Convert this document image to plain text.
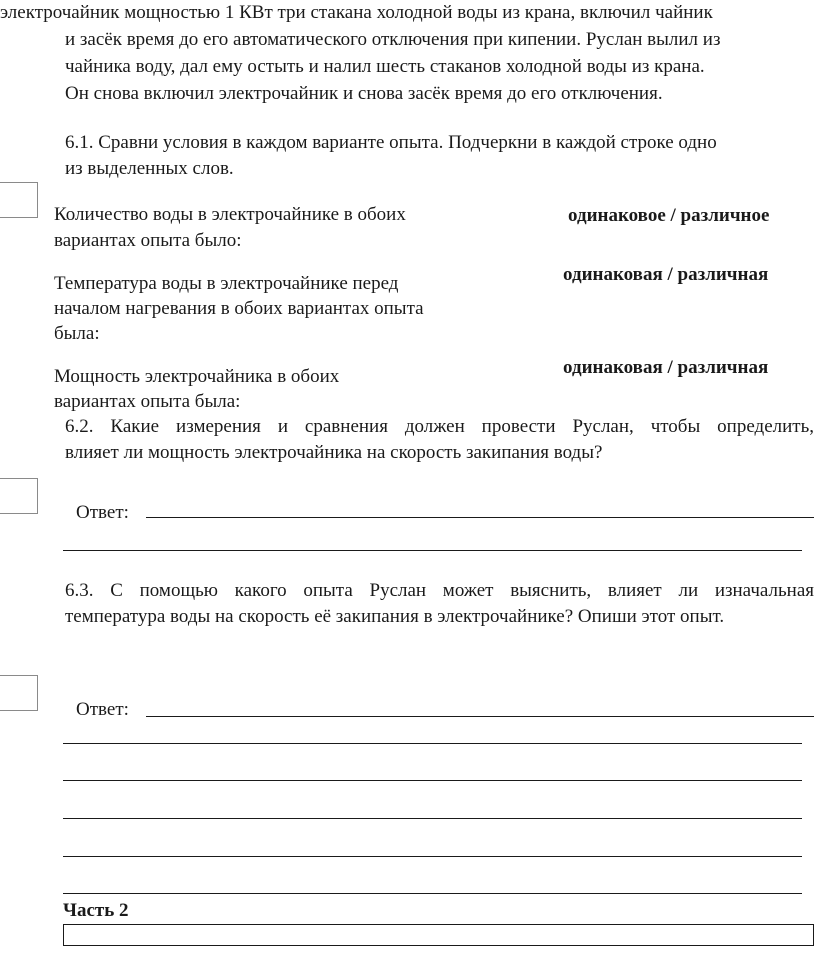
электрочайник мощностью 1 КВт три стакана холодной воды из крана, включил чайник
и засёк время до его автоматического отключения при кипении. Руслан вылил из
чайника воду, дал ему остыть и налил шесть стаканов холодной воды из крана.
Он снова включил электрочайник и снова засёк время до его отключения.
6.1. Сравни условия в каждом варианте опыта. Подчеркни в каждой строке одно
из выделенных слов.
Количество воды в электрочайнике в обоих
вариантах опыта было:
одинаковое / различное
Температура воды в электрочайнике перед
началом нагревания в обоих вариантах опыта
была:
одинаковая / различная
Мощность электрочайника в обоих
вариантах опыта была:
одинаковая / различная
6.2. Какие измерения и сравнения должен провести Руслан, чтобы определить,
влияет ли мощность электрочайника на скорость закипания воды?
Ответ:
6.3. С помощью какого опыта Руслан может выяснить, влияет ли изначальная
температура воды на скорость её закипания в электрочайнике? Опиши этот опыт.
Ответ:
Часть 2
